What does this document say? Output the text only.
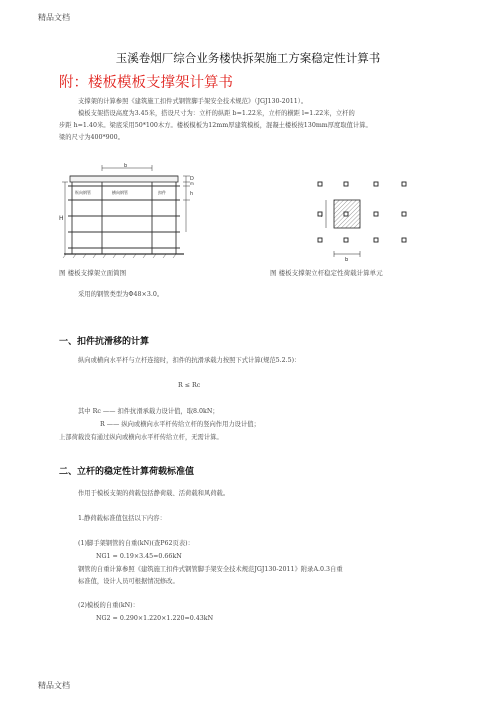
精品文档
玉溪卷烟厂综合业务楼快拆架施工方案稳定性计算书
附：楼板模板支撑架计算书
支撑架的计算参照《建筑施工扣件式钢管脚手架安全技术规范》（JGJ130-2011）。
模板支架搭设高度为3.45米，搭设尺寸为：立杆的纵距 b=1.22米，立杆的横距 l=1.22米，立杆的
步距 h=1.40米。梁底采用50*100木方。楼板模板为12mm厚建筑模板，混凝土楼板按130mm厚度取值计算。
梁的尺寸为400*900。
b
纵向钢管	横向钢管	扣件
H
D
m
h
l
b
图 楼板支撑架立面简图	图 楼板支撑架立杆稳定性荷载计算单元
采用的钢管类型为Φ48×3.0。
一、扣件抗滑移的计算
纵向或横向水平杆与立杆连接时，扣件的抗滑承载力按照下式计算(规范5.2.5)：
R ≤ Rc
其中 Rc —— 扣件抗滑承载力设计值，取8.0kN；
R —— 纵向或横向水平杆传给立杆的竖向作用力设计值；
上部荷载没有通过纵向或横向水平杆传给立杆，无需计算。
二、立杆的稳定性计算荷载标准值
作用于模板支架的荷载包括静荷载、活荷载和风荷载。
1.静荷载标准值包括以下内容：
(1)脚手架钢管的自重(kN)(查P62页表)：
NG1 = 0.19×3.45=0.66kN
钢管的自重计算参照《建筑施工扣件式钢管脚手架安全技术规范JGJ130-2011》附录A.0.3自重
标准值，设计人员可根据情况修改。
(2)模板的自重(kN)：
NG2 = 0.290×1.220×1.220=0.43kN
精品文档
